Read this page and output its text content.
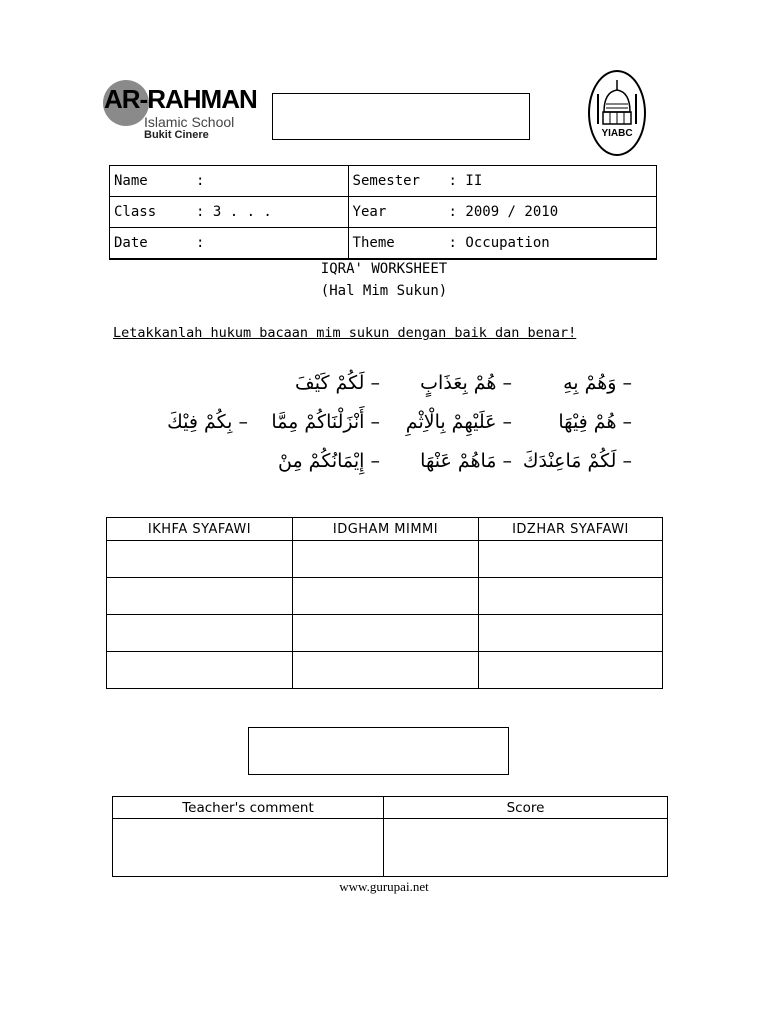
AR-RAHMAN
Islamic School
Bukit Cinere	YIABC
Name :	Semester : II
Class : 3 . . .	Year : 2009 / 2010
Date :	Theme : Occupation
IQRA' WORKSHEET
(Hal Mim Sukun)
Letakkanlah hukum bacaan mim sukun dengan baik dan benar!
– وَهُمْ بِهِ
– هُمْ بِعَذَابٍ
– لَكُمْ كَيْفَ
– هُمْ فِيْهَا
– عَلَيْهِمْ بِالْاِثْمِ
– أَنْزَلْنَاكُمْ مِمَّا
– بِكُمْ فِيْكَ
– لَكُمْ مَاعِنْدَكَ
– مَاهُمْ عَنْهَا
– إِيْمَانُكُمْ مِنْ
IKHFA SYAFAWI	IDGHAM MIMMI	IDZHAR SYAFAWI

Teacher's comment	Score

www.gurupai.net
